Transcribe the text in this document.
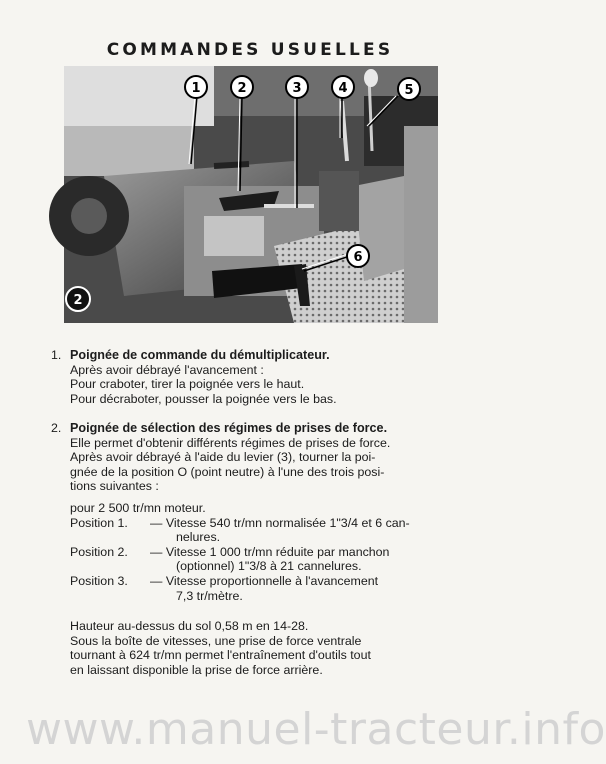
COMMANDES USUELLES
1	2	3	4	5
6
2
1. Poignée de commande du démultiplicateur.

Après avoir débrayé l'avancement :

Pour craboter, tirer la poignée vers le haut.

Pour décraboter, pousser la poignée vers le bas.

2. Poignée de sélection des régimes de prises de force.

Elle permet d'obtenir différents régimes de prises de force.

Après avoir débrayé à l'aide du levier (3), tourner la poi-

gnée de la position O (point neutre) à l'une des trois posi-

tions suivantes :

pour 2 500 tr/mn moteur.

Position 1.	— Vitesse 540 tr/mn normalisée 1"3/4 et 6 can-

nelures.

Position 2.	— Vitesse 1 000 tr/mn réduite par manchon

(optionnel) 1"3/8 à 21 cannelures.

Position 3.	— Vitesse proportionnelle à l'avancement

7,3 tr/mètre.

Hauteur au-dessus du sol 0,58 m en 14-28.

Sous la boîte de vitesses, une prise de force ventrale

tournant à 624 tr/mn permet l'entraînement d'outils tout

en laissant disponible la prise de force arrière.

www.manuel-tracteur.info
